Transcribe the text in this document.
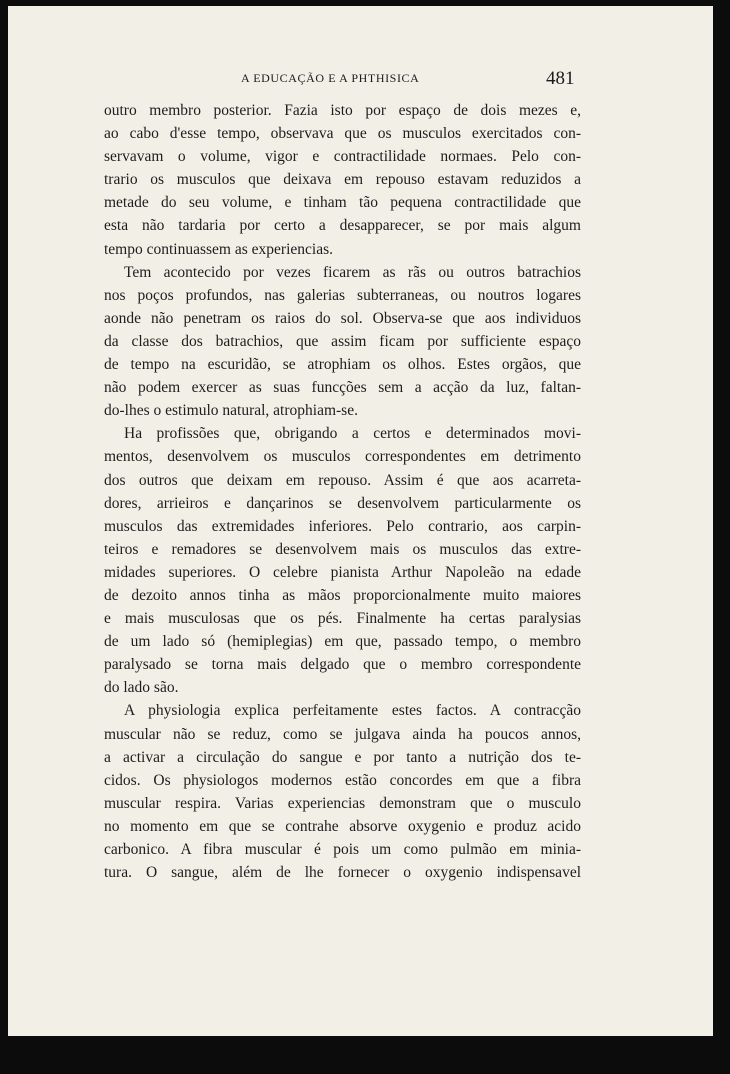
A EDUCAÇÃO E A PHTHISICA	481
outro membro posterior. Fazia isto por espaço de dois mezes e,
ao cabo d'esse tempo, observava que os musculos exercitados con-
servavam o volume, vigor e contractilidade normaes. Pelo con-
trario os musculos que deixava em repouso estavam reduzidos a
metade do seu volume, e tinham tão pequena contractilidade que
esta não tardaria por certo a desapparecer, se por mais algum
tempo continuassem as experiencias.
Tem acontecido por vezes ficarem as rãs ou outros batrachios
nos poços profundos, nas galerias subterraneas, ou noutros logares
aonde não penetram os raios do sol. Observa-se que aos individuos
da classe dos batrachios, que assim ficam por sufficiente espaço
de tempo na escuridão, se atrophiam os olhos. Estes orgãos, que
não podem exercer as suas funcções sem a acção da luz, faltan-
do-lhes o estimulo natural, atrophiam-se.
Ha profissões que, obrigando a certos e determinados movi-
mentos, desenvolvem os musculos correspondentes em detrimento
dos outros que deixam em repouso. Assim é que aos acarreta-
dores, arrieiros e dançarinos se desenvolvem particularmente os
musculos das extremidades inferiores. Pelo contrario, aos carpin-
teiros e remadores se desenvolvem mais os musculos das extre-
midades superiores. O celebre pianista Arthur Napoleão na edade
de dezoito annos tinha as mãos proporcionalmente muito maiores
e mais musculosas que os pés. Finalmente ha certas paralysias
de um lado só (hemiplegias) em que, passado tempo, o membro
paralysado se torna mais delgado que o membro correspondente
do lado são.
A physiologia explica perfeitamente estes factos. A contracção
muscular não se reduz, como se julgava ainda ha poucos annos,
a activar a circulação do sangue e por tanto a nutrição dos te-
cidos. Os physiologos modernos estão concordes em que a fibra
muscular respira. Varias experiencias demonstram que o musculo
no momento em que se contrahe absorve oxygenio e produz acido
carbonico. A fibra muscular é pois um como pulmão em minia-
tura. O sangue, além de lhe fornecer o oxygenio indispensavel
